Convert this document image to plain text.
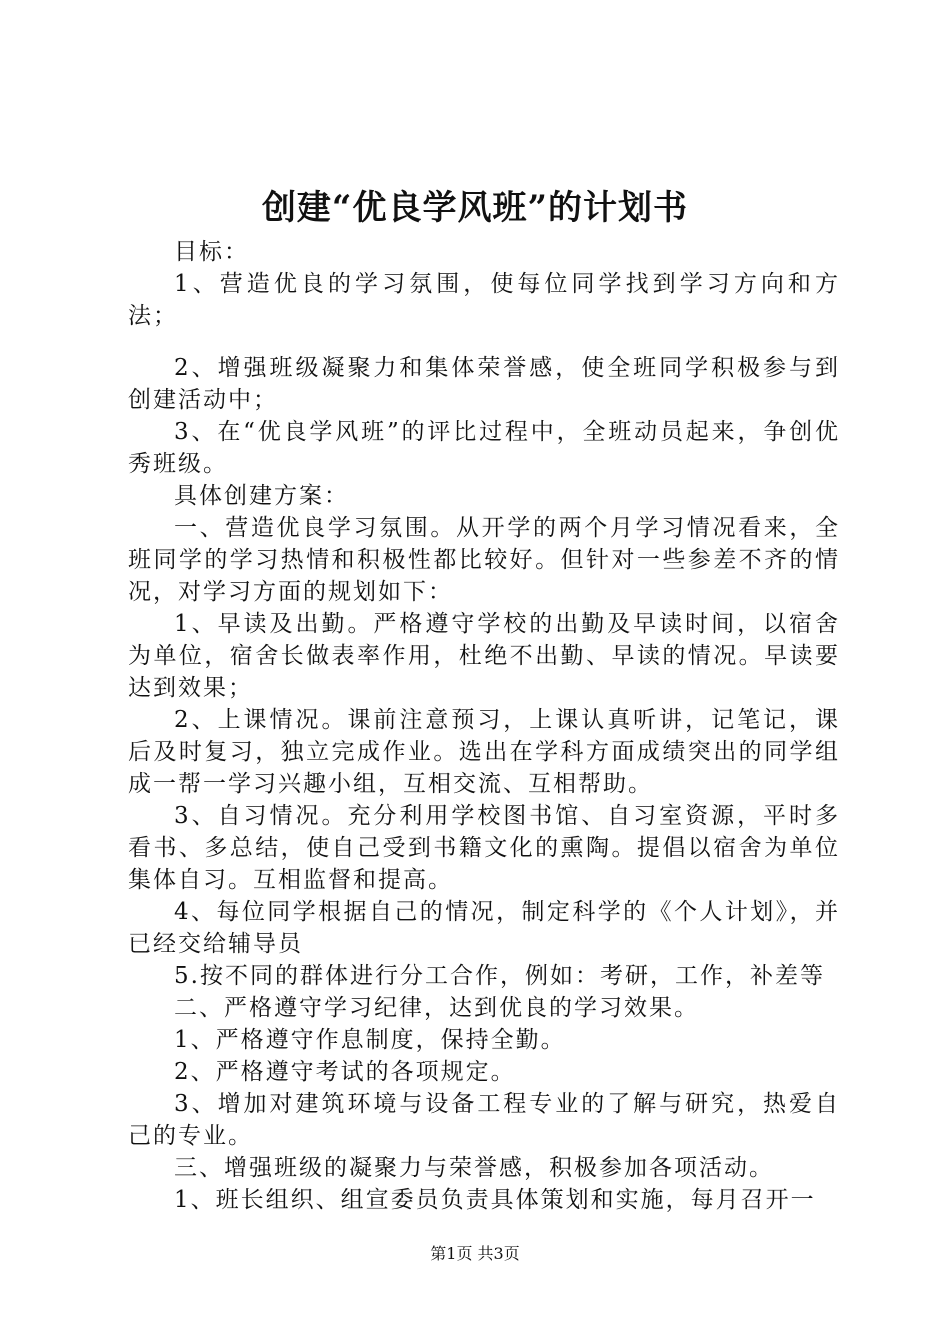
创建“优良学风班”的计划书

目标：

1、营造优良的学习氛围，使每位同学找到学习方向和方法；

2、增强班级凝聚力和集体荣誉感，使全班同学积极参与到创建活动中；

3、在“优良学风班”的评比过程中，全班动员起来，争创优秀班级。

具体创建方案：

一、营造优良学习氛围。从开学的两个月学习情况看来，全班同学的学习热情和积极性都比较好。但针对一些参差不齐的情况，对学习方面的规划如下：

1、早读及出勤。严格遵守学校的出勤及早读时间，以宿舍为单位，宿舍长做表率作用，杜绝不出勤、早读的情况。早读要达到效果；

2、上课情况。课前注意预习，上课认真听讲，记笔记，课后及时复习，独立完成作业。选出在学科方面成绩突出的同学组成一帮一学习兴趣小组，互相交流、互相帮助。

3、自习情况。充分利用学校图书馆、自习室资源，平时多看书、多总结，使自己受到书籍文化的熏陶。提倡以宿舍为单位集体自习。互相监督和提高。

4、每位同学根据自己的情况，制定科学的《个人计划》，并已经交给辅导员

5.按不同的群体进行分工合作，例如：考研，工作，补差等

二、严格遵守学习纪律，达到优良的学习效果。

1、严格遵守作息制度，保持全勤。

2、严格遵守考试的各项规定。

3、增加对建筑环境与设备工程专业的了解与研究，热爱自己的专业。

三、增强班级的凝聚力与荣誉感，积极参加各项活动。

1、班长组织、组宣委员负责具体策划和实施，每月召开一

第1页 共3页
